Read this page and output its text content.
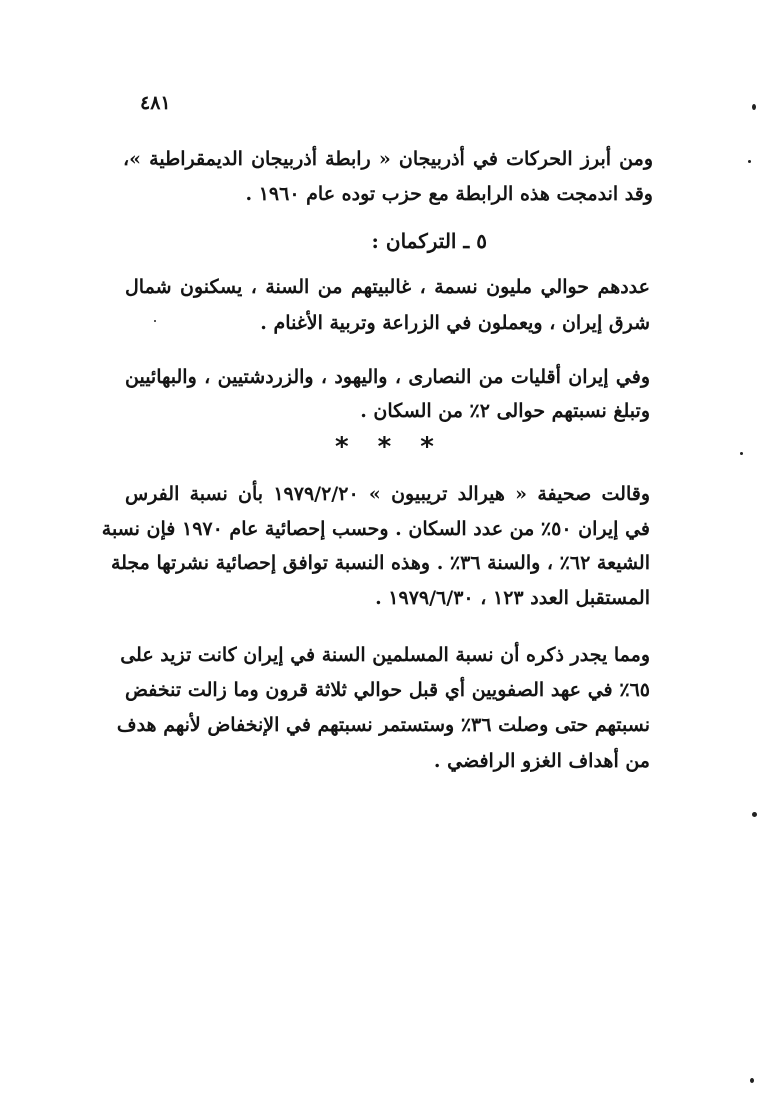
٤٨١
ومن أبرز الحركات في أذربيجان « رابطة أذربيجان الديمقراطية »،
وقد اندمجت هذه الرابطة مع حزب توده عام ١٩٦٠ .
٥ ـ التركمان :
عددهم حوالي مليون نسمة ، غالبيتهم من السنة ، يسكنون شمال
شرق إيران ، ويعملون في الزراعة وتربية الأغنام .
وفي إيران أقليات من النصارى ، واليهود ، والزردشتيين ، والبهائيين
وتبلغ نسبتهم حوالى ٢٪ من السكان .
* * *
وقالت صحيفة « هيرالد تريبيون » ١٩٧٩/٢/٢٠ بأن نسبة الفرس
في إيران ٥٠٪ من عدد السكان . وحسب إحصائية عام ١٩٧٠ فإن نسبة
الشيعة ٦٢٪ ، والسنة ٣٦٪ . وهذه النسبة توافق إحصائية نشرتها مجلة
المستقبل العدد ١٢٣ ، ١٩٧٩/٦/٣٠ .
ومما يجدر ذكره أن نسبة المسلمين السنة في إيران كانت تزيد على
٦٥٪ في عهد الصفويين أي قبل حوالي ثلاثة قرون وما زالت تنخفض
نسبتهم حتى وصلت ٣٦٪ وستستمر نسبتهم في الإنخفاض لأنهم هدف
من أهداف الغزو الرافضي .
